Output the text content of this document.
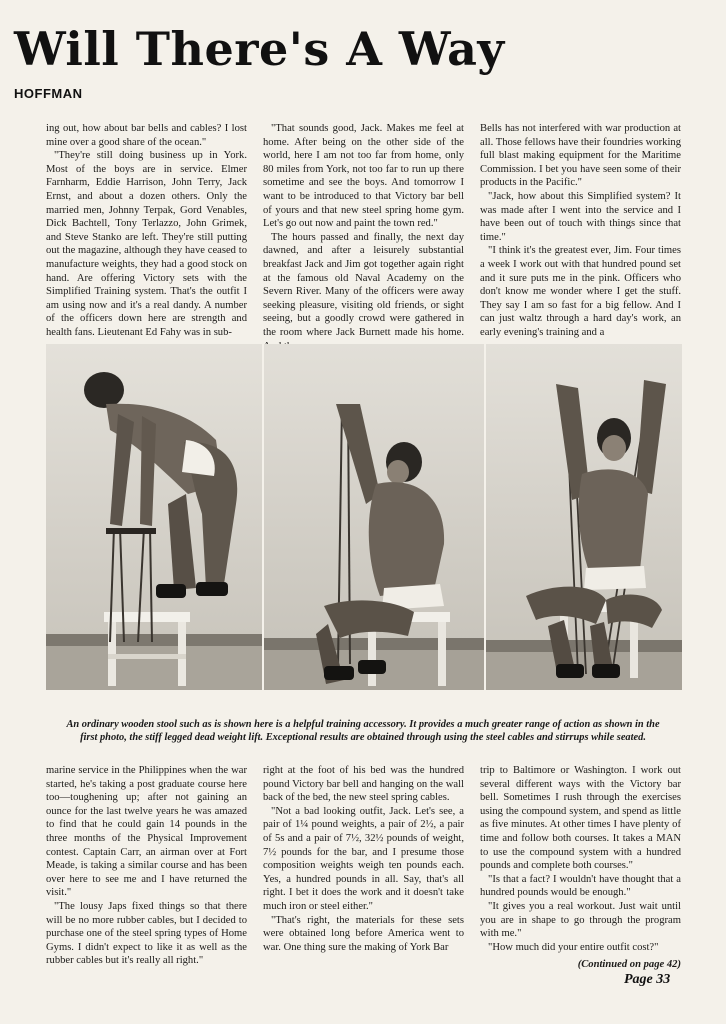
Will There's A Way
HOFFMAN

ing out, how about bar bells and cables? I lost mine over a good share of the ocean."

"They're still doing business up in York. Most of the boys are in service. Elmer Farnharm, Eddie Harrison, John Terry, Jack Ernst, and about a dozen others. Only the married men, Johnny Terpak, Gord Venables, Dick Bachtell, Tony Terlazzo, John Grimek, and Steve Stanko are left. They're still putting out the magazine, although they have ceased to manufacture weights, they had a good stock on hand. Are offering Victory sets with the Simplified Training system. That's the outfit I am using now and it's a real dandy. A number of the officers down here are strength and health fans. Lieutenant Ed Fahy was in sub-

"That sounds good, Jack. Makes me feel at home. After being on the other side of the world, here I am not too far from home, only 80 miles from York, not too far to run up there sometime and see the boys. And tomorrow I want to be introduced to that Victory bar bell of yours and that new steel spring home gym. Let's go out now and paint the town red."

The hours passed and finally, the next day dawned, and after a leisurely substantial breakfast Jack and Jim got together again right at the famous old Naval Academy on the Severn River. Many of the officers were away seeking pleasure, visiting old friends, or sight seeing, but a goodly crowd were gathered in the room where Jack Burnett made his home.

Bells has not interfered with war production at all. Those fellows have their foundries working full blast making equipment for the Maritime Commission. I bet you have seen some of their products in the Pacific."

"Jack, how about this Simplified system? It was made after I went into the service and I have been out of touch with things since that time."

"I think it's the greatest ever, Jim. Four times a week I work out with that hundred pound set and it sure puts me in the pink. Officers who don't know me wonder where I get the stuff. They say I am so fast for a big fellow. And I can just waltz through a hard day's work, an early evening's training and a

An ordinary wooden stool such as is shown here is a helpful training accessory. It provides a much greater range of action as shown in the first photo, the stiff legged dead weight lift. Exceptional results are obtained through using the steel cables and stirrups while seated.

marine service in the Philippines when the war started, he's taking a post graduate course here too—toughening up; after not gaining an ounce for the last twelve years he was amazed to find that he could gain 14 pounds in the three months of the Physical Improvement contest. Captain Carr, an airman over at Fort Meade, is taking a similar course and has been over here to see me and I have returned the visit."

"The lousy Japs fixed things so that there will be no more rubber cables, but I decided to purchase one of the steel spring types of Home Gyms. I didn't expect to like it as well as the rubber cables but it's really all right."

right at the foot of his bed was the hundred pound Victory bar bell and hanging on the wall back of the bed, the new steel spring cables.

"Not a bad looking outfit, Jack. Let's see, a pair of 1¼ pound weights, a pair of 2½, a pair of 5s and a pair of 7½, 32½ pounds of weight, 7½ pounds for the bar, and I presume those composition weights weigh ten pounds each. Yes, a hundred pounds in all. Say, that's all right. I bet it does the work and it doesn't take much iron or steel either."

"That's right, the materials for these sets were obtained long before America went to war. One thing sure the making of York Bar

trip to Baltimore or Washington. I work out several different ways with the Victory bar bell. Sometimes I rush through the exercises using the compound system, and spend as little as five minutes. At other times I have plenty of time and follow both courses. It takes a MAN to use the compound system with a hundred pounds and complete both courses."

"Is that a fact? I wouldn't have thought that a hundred pounds would be enough."

"It gives you a real workout. Just wait until you are in shape to go through the program with me."

"How much did your entire outfit cost?"

(Continued on page 42)

Page 33
